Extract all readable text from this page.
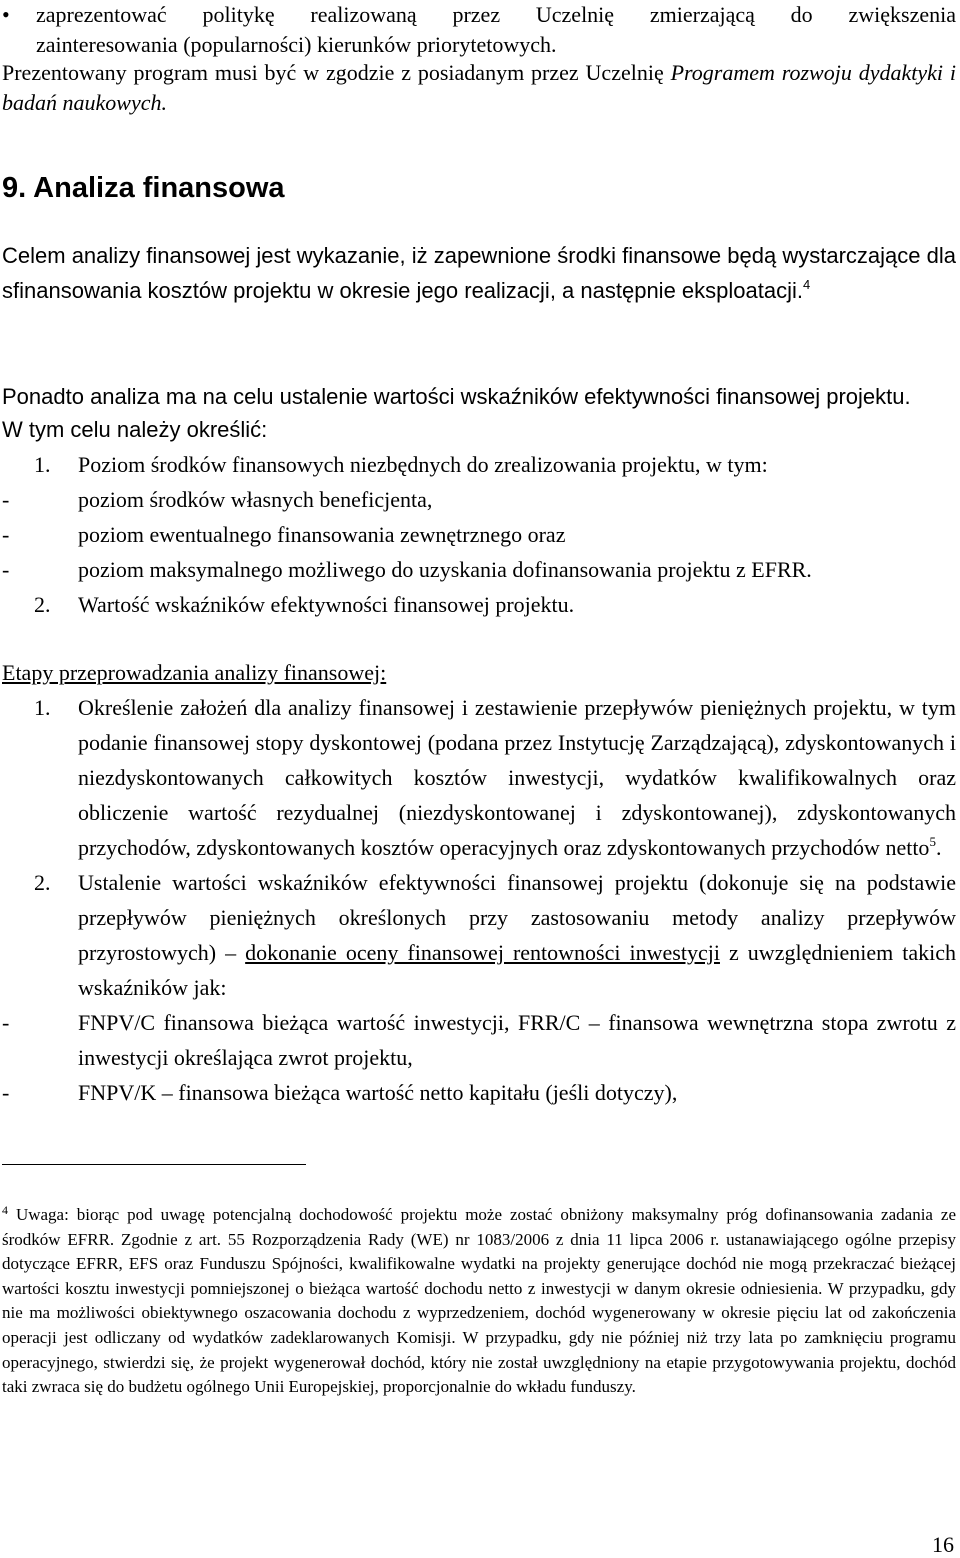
• zaprezentować politykę realizowaną przez Uczelnię zmierzającą do zwiększenia
zainteresowania (popularności) kierunków priorytetowych.
Prezentowany program musi być w zgodzie z posiadanym przez Uczelnię Programem rozwoju dydaktyki i badań naukowych.
9. Analiza finansowa
Celem analizy finansowej jest wykazanie, iż zapewnione środki finansowe będą wystarczające dla sfinansowania kosztów projektu w okresie jego realizacji, a następnie eksploatacji.$^4$
Ponadto analiza ma na celu ustalenie wartości wskaźników efektywności finansowej projektu.
W tym celu należy określić:
1. Poziom środków finansowych niezbędnych do zrealizowania projektu, w tym:
-	poziom środków własnych beneficjenta,
-	poziom ewentualnego finansowania zewnętrznego oraz
-	poziom maksymalnego możliwego do uzyskania dofinansowania projektu z EFRR.
2. Wartość wskaźników efektywności finansowej projektu.
Etapy przeprowadzania analizy finansowej:
1. Określenie założeń dla analizy finansowej i zestawienie przepływów pieniężnych projektu, w tym podanie finansowej stopy dyskontowej (podana przez Instytucję Zarządzającą), zdyskontowanych i niezdyskontowanych całkowitych kosztów inwestycji, wydatków kwalifikowalnych oraz obliczenie wartość rezydualnej (niezdyskontowanej i zdyskontowanej), zdyskontowanych przychodów, zdyskontowanych kosztów operacyjnych oraz zdyskontowanych przychodów netto$^5$.
2. Ustalenie wartości wskaźników efektywności finansowej projektu (dokonuje się na podstawie przepływów pieniężnych określonych przy zastosowaniu metody analizy przepływów przyrostowych) – dokonanie oceny finansowej rentowności inwestycji z uwzględnieniem takich wskaźników jak:
-	FNPV/C finansowa bieżąca wartość inwestycji, FRR/C – finansowa wewnętrzna stopa zwrotu z inwestycji określająca zwrot projektu,
-	FNPV/K – finansowa bieżąca wartość netto kapitału (jeśli dotyczy),
$^4$ Uwaga: biorąc pod uwagę potencjalną dochodowość projektu może zostać obniżony maksymalny próg dofinansowania zadania ze środków EFRR. Zgodnie z art. 55 Rozporządzenia Rady (WE) nr 1083/2006 z dnia 11 lipca 2006 r. ustanawiającego ogólne przepisy dotyczące EFRR, EFS oraz Funduszu Spójności, kwalifikowalne wydatki na projekty generujące dochód nie mogą przekraczać bieżącej wartości kosztu inwestycji pomniejszonej o bieżąca wartość dochodu netto z inwestycji w danym okresie odniesienia. W przypadku, gdy nie ma możliwości obiektywnego oszacowania dochodu z wyprzedzeniem, dochód wygenerowany w okresie pięciu lat od zakończenia operacji jest odliczany od wydatków zadeklarowanych Komisji. W przypadku, gdy nie później niż trzy lata po zamknięciu programu operacyjnego, stwierdzi się, że projekt wygenerował dochód, który nie został uwzględniony na etapie przygotowywania projektu, dochód taki zwraca się do budżetu ogólnego Unii Europejskiej, proporcjonalnie do wkładu funduszy.
16
